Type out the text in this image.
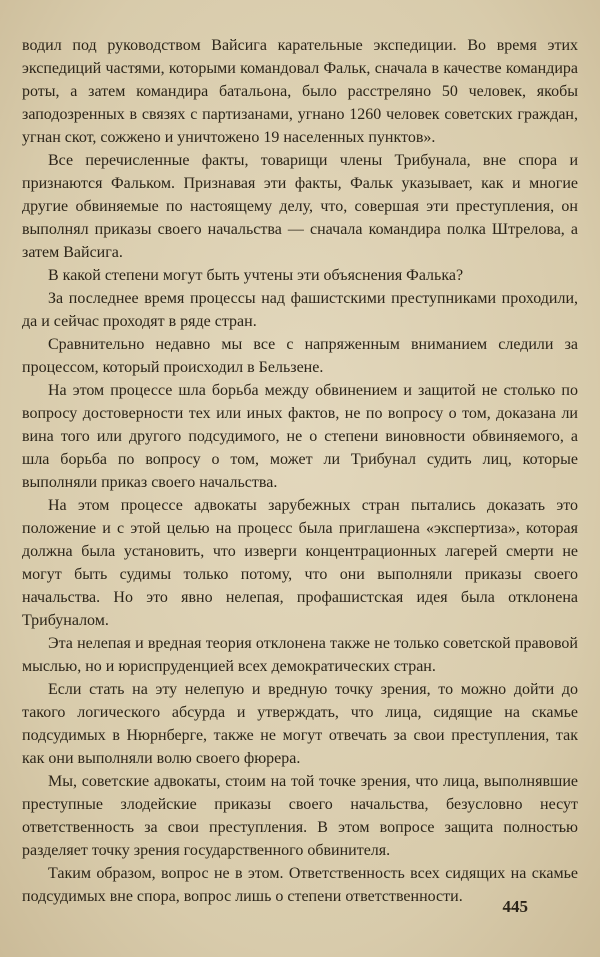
водил под руководством Вайсига карательные экспедиции. Во время этих экспедиций частями, которыми командовал Фальк, сначала в качестве командира роты, а затем командира батальона, было расстреляно 50 человек, якобы заподозренных в связях с партизанами, угнано 1260 человек советских граждан, угнан скот, сожжено и уничтожено 19 населенных пунктов».

Все перечисленные факты, товарищи члены Трибунала, вне спора и признаются Фальком. Признавая эти факты, Фальк указывает, как и многие другие обвиняемые по настоящему делу, что, совершая эти преступления, он выполнял приказы своего начальства — сначала командира полка Штрелова, а затем Вайсига.

В какой степени могут быть учтены эти объяснения Фалька?

За последнее время процессы над фашистскими преступниками проходили, да и сейчас проходят в ряде стран.

Сравнительно недавно мы все с напряженным вниманием следили за процессом, который происходил в Бельзене.

На этом процессе шла борьба между обвинением и защитой не столько по вопросу достоверности тех или иных фактов, не по вопросу о том, доказана ли вина того или другого подсудимого, не о степени виновности обвиняемого, а шла борьба по вопросу о том, может ли Трибунал судить лиц, которые выполняли приказ своего начальства.

На этом процессе адвокаты зарубежных стран пытались доказать это положение и с этой целью на процесс была приглашена «экспертиза», которая должна была установить, что изверги концентрационных лагерей смерти не могут быть судимы только потому, что они выполняли приказы своего начальства. Но это явно нелепая, профашистская идея была отклонена Трибуналом.

Эта нелепая и вредная теория отклонена также не только советской правовой мыслью, но и юриспруденцией всех демократических стран.

Если стать на эту нелепую и вредную точку зрения, то можно дойти до такого логического абсурда и утверждать, что лица, сидящие на скамье подсудимых в Нюрнберге, также не могут отвечать за свои преступления, так как они выполняли волю своего фюрера.

Мы, советские адвокаты, стоим на той точке зрения, что лица, выполнявшие преступные злодейские приказы своего начальства, безусловно несут ответственность за свои преступления. В этом вопросе защита полностью разделяет точку зрения государственного обвинителя.

Таким образом, вопрос не в этом. Ответственность всех сидящих на скамье подсудимых вне спора, вопрос лишь о степени ответственности.

445
